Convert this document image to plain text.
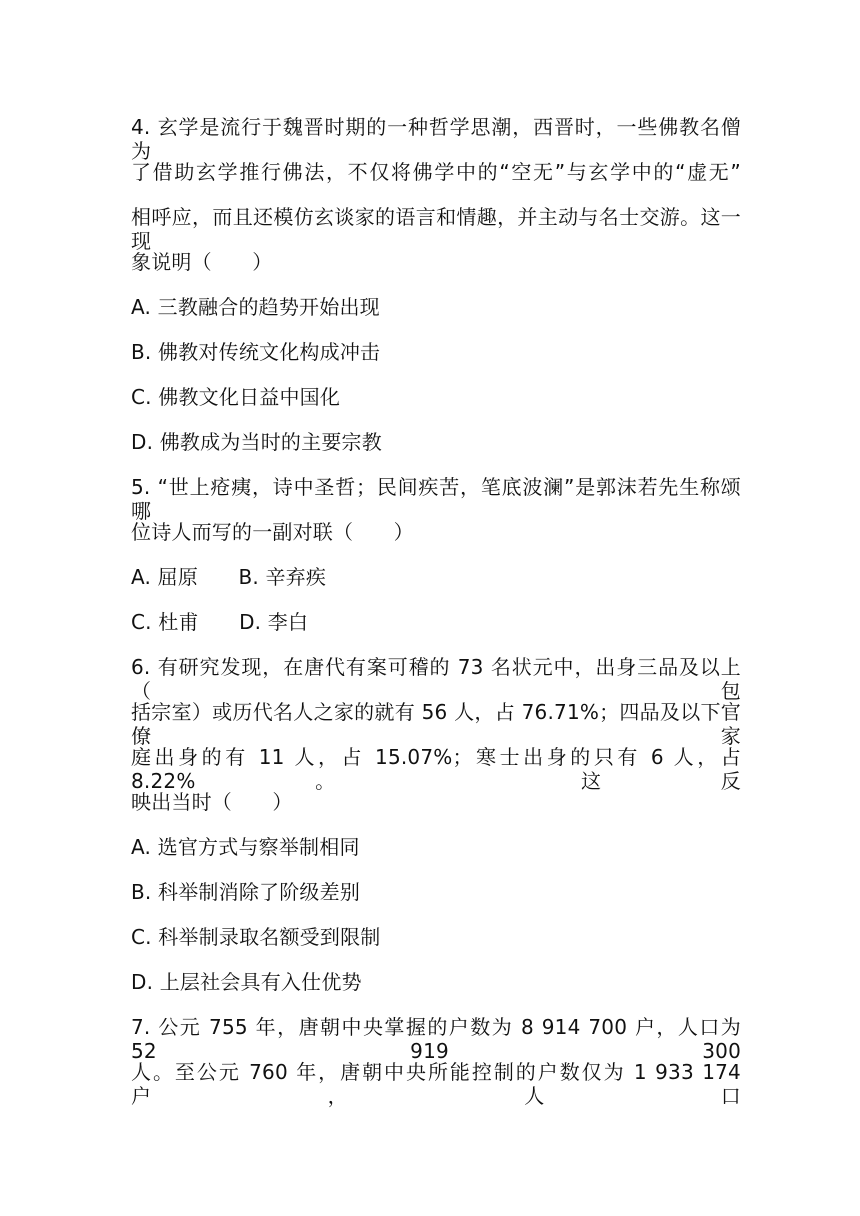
4. 玄学是流行于魏晋时期的一种哲学思潮，西晋时，一些佛教名僧为
了借助玄学推行佛法，不仅将佛学中的“空无”与玄学中的“虚无”
相呼应，而且还模仿玄谈家的语言和情趣，并主动与名士交游。这一现
象说明（　　）
A. 三教融合的趋势开始出现
B. 佛教对传统文化构成冲击
C. 佛教文化日益中国化
D. 佛教成为当时的主要宗教
5. “世上疮痍，诗中圣哲；民间疾苦，笔底波澜”是郭沫若先生称颂哪
位诗人而写的一副对联（　　）
A. 屈原　　B. 辛弃疾
C. 杜甫　　D. 李白
6. 有研究发现，在唐代有案可稽的 73 名状元中，出身三品及以上（包
括宗室）或历代名人之家的就有 56 人，占 76.71%；四品及以下官僚家
庭出身的有 11 人，占 15.07%；寒士出身的只有 6 人，占 8.22%。 这反
映出当时（　　）
A. 选官方式与察举制相同
B. 科举制消除了阶级差别
C. 科举制录取名额受到限制
D. 上层社会具有入仕优势
7. 公元 755 年，唐朝中央掌握的户数为 8 914 700 户，人口为 52 919 300
人。至公元 760 年，唐朝中央所能控制的户数仅为 1 933 174 户，人口
